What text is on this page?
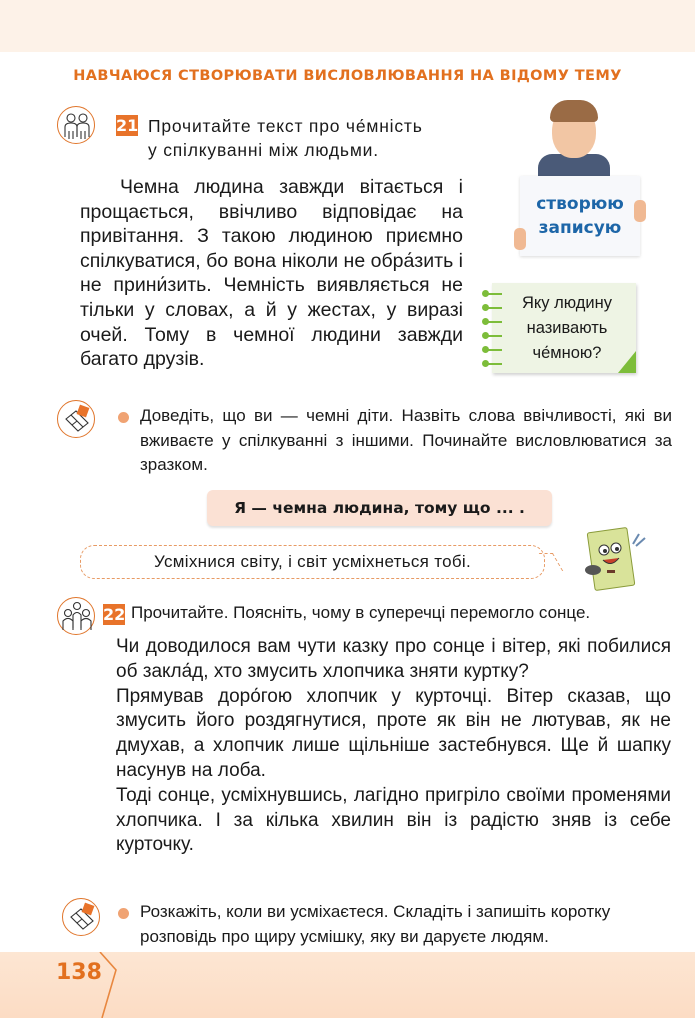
НАВЧАЮСЯ СТВОРЮВАТИ ВИСЛОВЛЮВАННЯ НА ВІДОМУ ТЕМУ
21 Прочитайте текст про че́мність
у спілкуванні між людьми.

Чемна людина завжди вітається і прощається, ввічливо відповідає на привітання. З такою людиною приємно спілкуватися, бо вона ніколи не обра́зить і не прини́зить. Чемність виявляється не тільки у словах, а й у жестах, у виразі очей. Тому в чемної людини завжди багато друзів.

створюю
записую
Яку людину
називають
че́мною?
Доведіть, що ви — чемні діти. Назвіть слова ввічливості, які ви вживаєте у спілкуванні з іншими. Починайте висловлюватися за зразком.
Я — чемна людина, тому що ... .
Усміхнися світу, і світ усміхнеться тобі.
22 Прочитайте. Поясніть, чому в суперечці перемогло сонце.

Чи доводилося вам чути казку про сонце і вітер, які побилися об закла́д, хто змусить хлопчика зняти куртку?

Прямував доро́гою хлопчик у курточці. Вітер сказав, що змусить його роздягнутися, проте як він не лютував, як не дмухав, а хлопчик лише щільніше застебнувся. Ще й шапку насунув на лоба.

Тоді сонце, усміхнувшись, лагідно пригріло своїми променями хлопчика. І за кілька хвилин він із радістю зняв із себе курточку.

Розкажіть, коли ви усміхаєтеся. Складіть і запишіть коротку розповідь про щиру усмішку, яку ви даруєте людям.
138
